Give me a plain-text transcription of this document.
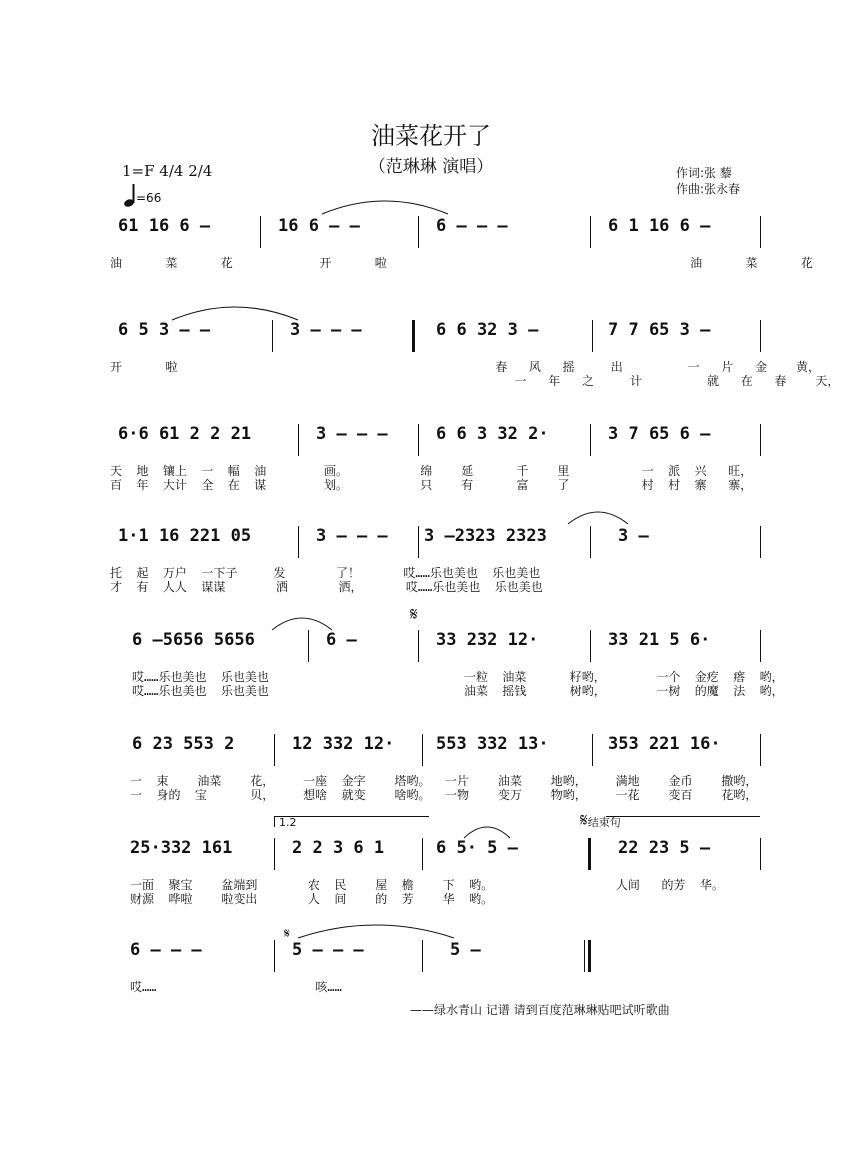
油菜花开了
（范琳琳 演唱）
1=F 4/4 2/4
=66
作词:张 藜
作曲:张永春
61 16 6 –	16 6 – –	6 – – –	6 1 16 6 –
油      菜      花            开      啦                                          油      菜      花
6 5 3 – –	3 – – –	6 6 32 3 –	7 7 65 3 –
开      啦                                            春   风   摇     出         一   片   金    黄，
一   年   之     计         就   在   春    天，
6·6 61 2 2 21	3 – – –	6 6 3 32 2·	3 7 65 6 –
天  地  镶上  一  幅  油        画。          绵    延      千    里          一  派  兴   旺，
百  年  大计  全  在  谋        划。          只    有      富    了          村  村  寨   寨，
1·1 16 221 05	3 – – – 3 –2323 2323	3 –
托  起  万户  一下子     发       了！      哎……乐也美也  乐也美也
才  有  人人  谋谋       洒       洒，      哎……乐也美也  乐也美也
6 –5656 5656	6 –	33 232 12·	33 21 5 6·
𝄋
哎……乐也美也  乐也美也                           一粒  油菜      籽哟，       一个  金疙  瘩  哟，
哎……乐也美也  乐也美也                           油菜  摇钱      树哟，       一树  的魔  法  哟，
6 23 553 2	12 332 12· 553 332 13·	353 221 16·
一  束    油菜    花，    一座  金字    塔哟。  一片    油菜    地哟，    满地    金币    撒哟，
一  身的  宝      贝，    想啥  就变    啥哟。  一物    变万    物哟，    一花    变百    花哟，
1.2	𝄋结束句
25·332 161	2 2 3 6 1	6 5· 5 –	22 23 5 –
一面  聚宝    盆端到       农  民    屋  檐    下  哟。                 人间   的芳  华。
财源  哗啦    啦变出       人  间    的  芳    华  哟。
6 – – –	5 – – –	5 –
𝄋
哎……                      咳……
——绿水青山 记谱 请到百度范琳琳贴吧试听歌曲
